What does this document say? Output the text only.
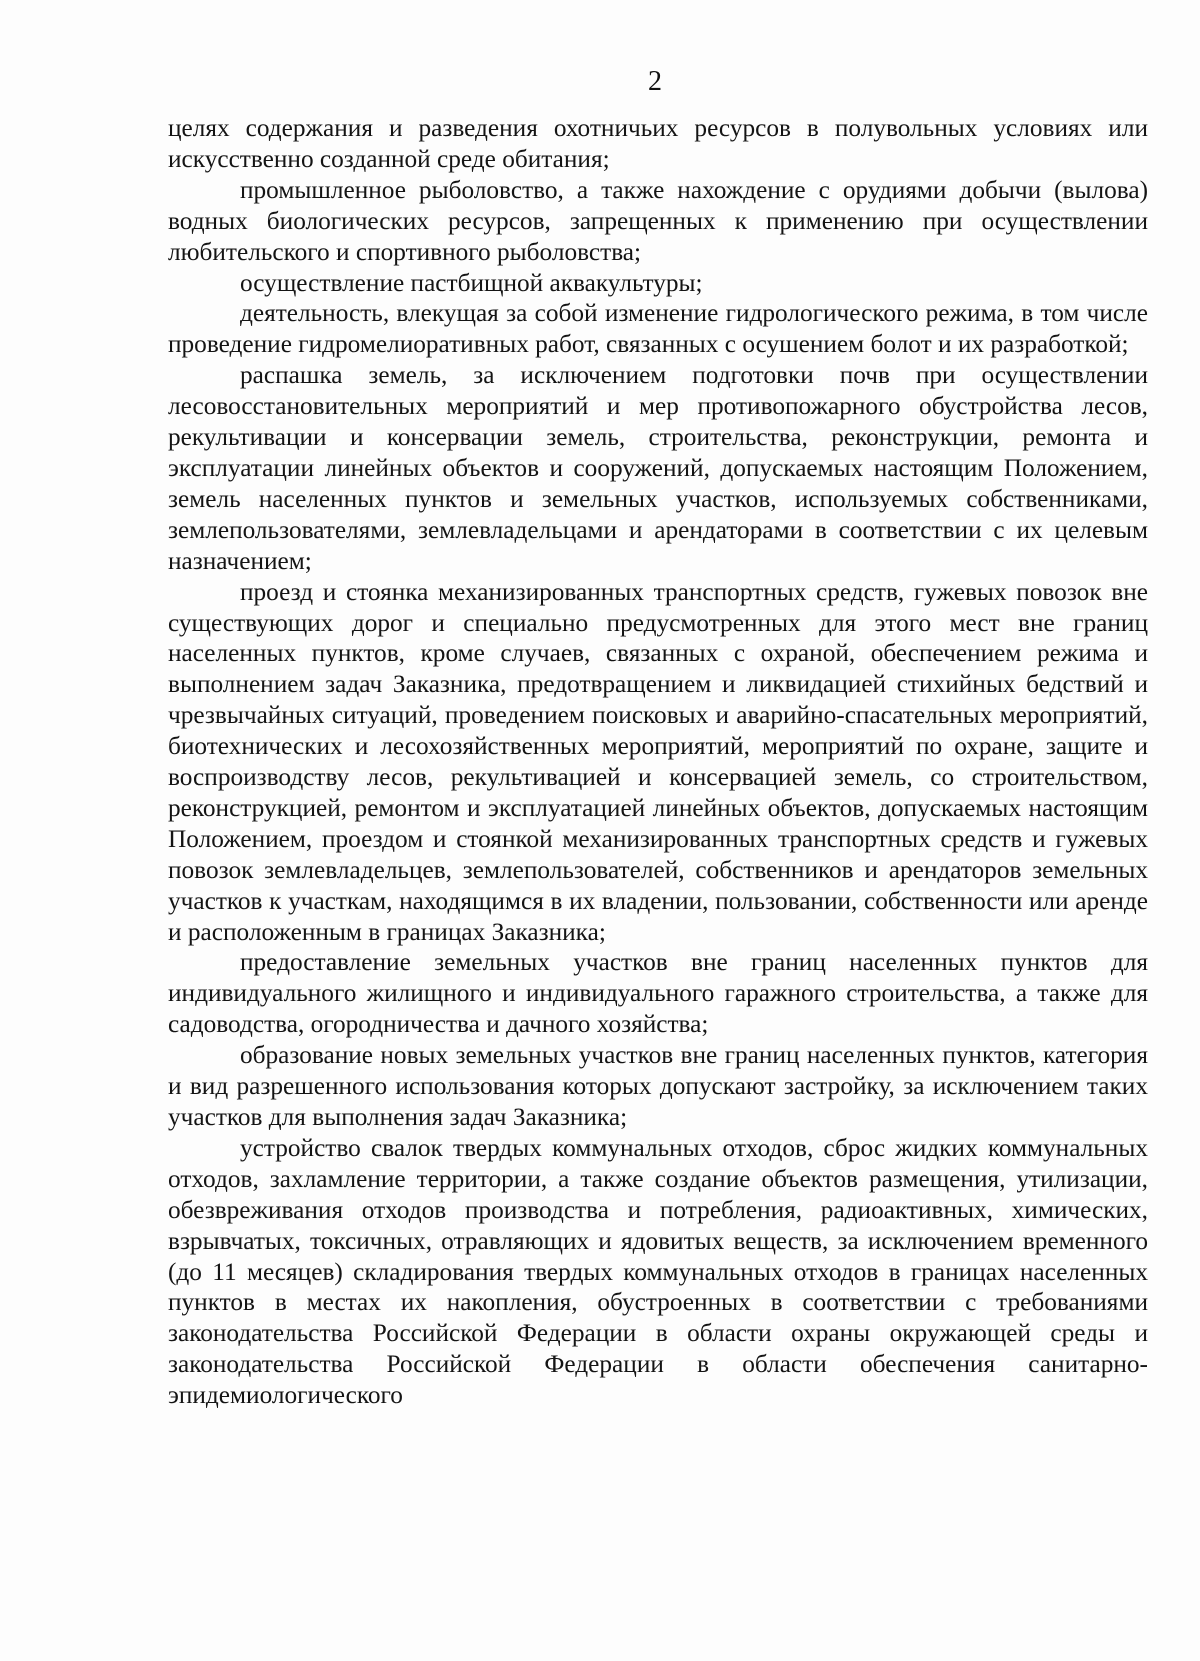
2

целях содержания и разведения охотничьих ресурсов в полувольных условиях или искусственно созданной среде обитания;

промышленное рыболовство, а также нахождение с орудиями добычи (вылова) водных биологических ресурсов, запрещенных к применению при осуществлении любительского и спортивного рыболовства;

осуществление пастбищной аквакультуры;

деятельность, влекущая за собой изменение гидрологического режима, в том числе проведение гидромелиоративных работ, связанных с осушением болот и их разработкой;

распашка земель, за исключением подготовки почв при осуществлении лесовосстановительных мероприятий и мер противопожарного обустройства лесов, рекультивации и консервации земель, строительства, реконструкции, ремонта и эксплуатации линейных объектов и сооружений, допускаемых настоящим Положением, земель населенных пунктов и земельных участков, используемых собственниками, землепользователями, землевладельцами и арендаторами в соответствии с их целевым назначением;

проезд и стоянка механизированных транспортных средств, гужевых повозок вне существующих дорог и специально предусмотренных для этого мест вне границ населенных пунктов, кроме случаев, связанных с охраной, обеспечением режима и выполнением задач Заказника, предотвращением и ликвидацией стихийных бедствий и чрезвычайных ситуаций, проведением поисковых и аварийно-спасательных мероприятий, биотехнических и лесохозяйственных мероприятий, мероприятий по охране, защите и воспроизводству лесов, рекультивацией и консервацией земель, со строительством, реконструкцией, ремонтом и эксплуатацией линейных объектов, допускаемых настоящим Положением, проездом и стоянкой механизированных транспортных средств и гужевых повозок землевладельцев, землепользователей, собственников и арендаторов земельных участков к участкам, находящимся в их владении, пользовании, собственности или аренде и расположенным в границах Заказника;

предоставление земельных участков вне границ населенных пунктов для индивидуального жилищного и индивидуального гаражного строительства, а также для садоводства, огородничества и дачного хозяйства;

образование новых земельных участков вне границ населенных пунктов, категория и вид разрешенного использования которых допускают застройку, за исключением таких участков для выполнения задач Заказника;

устройство свалок твердых коммунальных отходов, сброс жидких коммунальных отходов, захламление территории, а также создание объектов размещения, утилизации, обезвреживания отходов производства и потребления, радиоактивных, химических, взрывчатых, токсичных, отравляющих и ядовитых веществ, за исключением временного (до 11 месяцев) складирования твердых коммунальных отходов в границах населенных пунктов в местах их накопления, обустроенных в соответствии с требованиями законодательства Российской Федерации в области охраны окружающей среды и законодательства Российской Федерации в области обеспечения санитарно-эпидемиологического
